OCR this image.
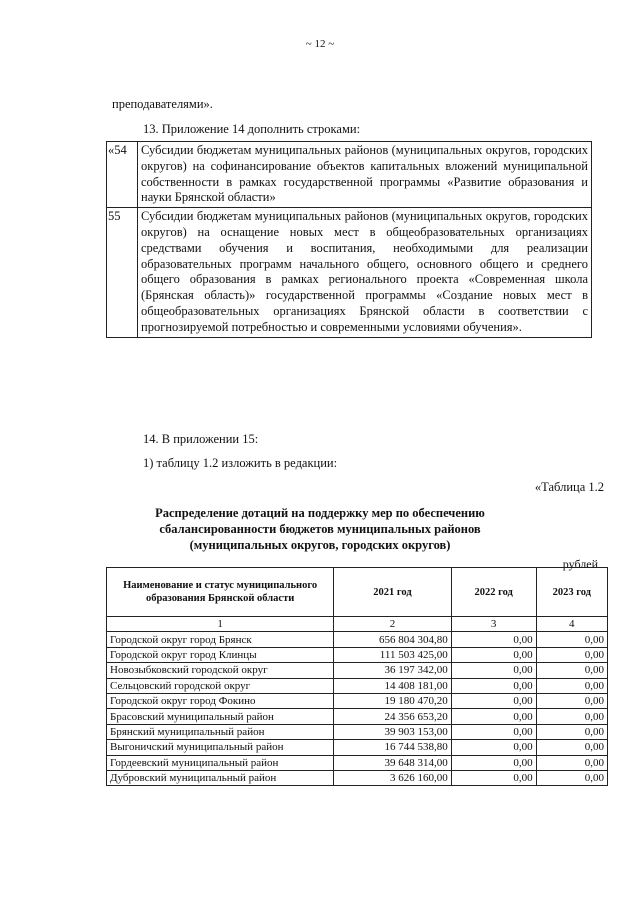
~ 12 ~
преподавателями».
13. Приложение 14 дополнить строками:
«54	Субсидии бюджетам муниципальных районов (муниципальных округов, городских округов) на софинансирование объектов капитальных вложений муниципальной собственности в рамках государственной программы «Развитие образования и науки Брянской области»
55	Субсидии бюджетам муниципальных районов (муниципальных округов, городских округов) на оснащение новых мест в общеобразовательных организациях средствами обучения и воспитания, необходимыми для реализации образовательных программ начального общего, основного общего и среднего общего образования в рамках регионального проекта «Современная школа (Брянская область)» государственной программы «Создание новых мест в общеобразовательных организациях Брянской области в соответствии с прогнозируемой потребностью и современными условиями обучения».
14. В приложении 15:
1) таблицу 1.2 изложить в редакции:
«Таблица 1.2
Распределение дотаций на поддержку мер по обеспечению
сбалансированности бюджетов муниципальных районов
(муниципальных округов, городских округов)
рублей
Наименование и статус муниципального образования Брянской области	2021 год	2022 год	2023 год
1	2	3	4
Городской округ город Брянск	656 804 304,80	0,00	0,00
Городской округ город Клинцы	111 503 425,00	0,00	0,00
Новозыбковский городской округ	36 197 342,00	0,00	0,00
Сельцовский городской округ	14 408 181,00	0,00	0,00
Городской округ город Фокино	19 180 470,20	0,00	0,00
Брасовский муниципальный район	24 356 653,20	0,00	0,00
Брянский муниципальный район	39 903 153,00	0,00	0,00
Выгоничский муниципальный район	16 744 538,80	0,00	0,00
Гордеевский муниципальный район	39 648 314,00	0,00	0,00
Дубровский муниципальный район	3 626 160,00	0,00	0,00
